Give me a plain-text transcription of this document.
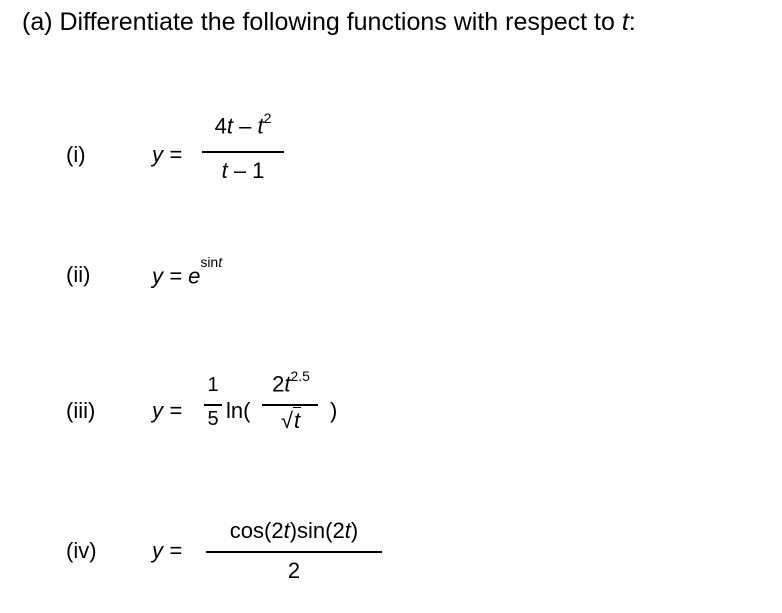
(a) Differentiate the following functions with respect to t:
(i)	y =
$4t - t^2$
t – 1
(ii)	$y = e^{sint}$
(iii)	y =
1
5 ln(
$2t^{2.5}$
√t	)
(iv)	y =
cos(2t)sin(2t)
2
